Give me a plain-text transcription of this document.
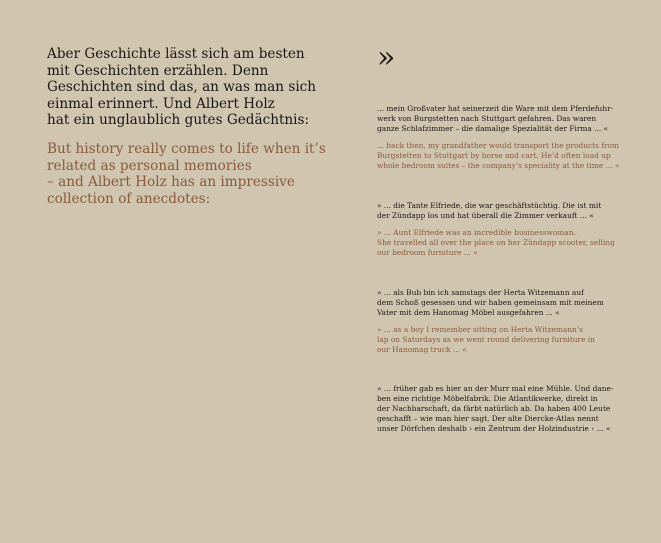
Aber Geschichte lässt sich am besten
mit Geschichten erzählen. Denn
Geschichten sind das, an was man sich
einmal erinnert. Und Albert Holz
hat ein unglaublich gutes Gedächtnis:

But history really comes to life when it’s
related as personal memories
– and Albert Holz has an impressive
collection of anecdotes:

»

... mein Großvater hat seinerzeit die Ware mit dem Pferdefuhr-
werk von Burgstetten nach Stuttgart gefahren. Das waren
ganze Schlafzimmer – die damalige Spezialität der Firma ... «

... back then, my grandfather would transport the products from
Burgstetten to Stuttgart by horse and cart. He’d often load up
whole bedroom suites – the company’s speciality at the time ... «

» ... die Tante Elfriede, die war geschäftstüchtig. Die ist mit
der Zündapp los und hat überall die Zimmer verkauft ... «

» ... Aunt Elfriede was an incredible businesswoman.
She travelled all over the place on her Zündapp scooter, selling
our bedroom furniture ... «

» ... als Bub bin ich samstags der Herta Witzemann auf
dem Schoß gesessen und wir haben gemeinsam mit meinem
Vater mit dem Hanomag Möbel ausgefahren ... «

» ... as a boy I remember sitting on Herta Witzemann’s
lap on Saturdays as we went round delivering furniture in
our Hanomag truck ... «

» ... früher gab es hier an der Murr mal eine Mühle. Und dane-
ben eine richtige Möbelfabrik. Die Atlantikwerke, direkt in
der Nachbarschaft, da färbt natürlich ab. Da haben 400 Leute
geschafft – wie man hier sagt. Der alte Diercke-Atlas nennt
unser Dörfchen deshalb › ein Zentrum der Holzindustrie ‹ ... «
